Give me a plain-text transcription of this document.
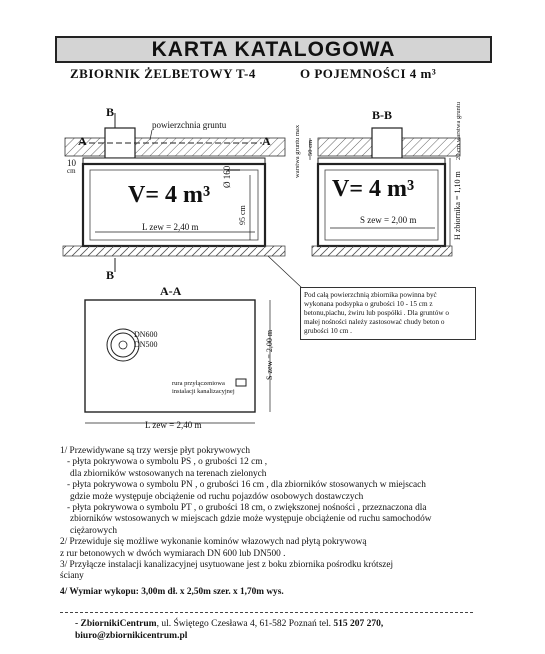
KARTA KATALOGOWA
ZBIORNIK ŻELBETOWY T-4	O POJEMNOŚCI 4 m³
B
B
A	A
powierzchnia gruntu
10
cm	Ø 160
95 cm
V= 4 m³
L zew = 2,40 m
B-B
warstwa gruntu max 50 cm	20 cm warstwa gruntu
H zbiornika = 1,10 m
V= 4 m³
S zew = 2,00 m
A-A
DN600
DN500
rura przyłączeniowa
instalacji kanalizacyjnej
S zew = 2,00 m
L zew = 2,40 m
Pod całą powierzchnią zbiornika powinna być
wykonana podsypka o grubości 10 - 15 cm z
betonu,piachu, żwiru lub pospółki . Dla gruntów o
małej nośności należy zastosować chudy beton o
grubości 10 cm .
1/ Przewidywane są trzy wersje płyt pokrywowych
- płyta pokrywowa o symbolu PS , o grubości 12 cm ,
dla zbiorników wstosowanych na terenach zielonych
- płyta pokrywowa o symbolu PN , o grubości 16 cm , dla zbiorników stosowanych w miejscach
gdzie może występuje obciążenie od ruchu pojazdów osobowych dostawczych
- płyta pokrywowa o symbolu PT , o grubości 18 cm, o zwiększonej nośności , przeznaczona dla
zbiorników wstosowanych w miejscach gdzie może występuje obciążenie od ruchu samochodów
ciężarowych
2/ Przewiduje się możliwe wykonanie kominów włazowych nad płytą pokrywową
z rur betonowych w dwóch wymiarach DN 600 lub DN500 .
3/ Przyłącze instalacji kanalizacyjnej usytuowane jest z boku zbiornika pośrodku krótszej
ściany
4/ Wymiar wykopu: 3,00m dł. x 2,50m szer. x 1,70m wys.
- ZbiornikiCentrum, ul. Świętego Czesława 4, 61-582 Poznań tel. 515 207 270,
biuro@zbiornikicentrum.pl
